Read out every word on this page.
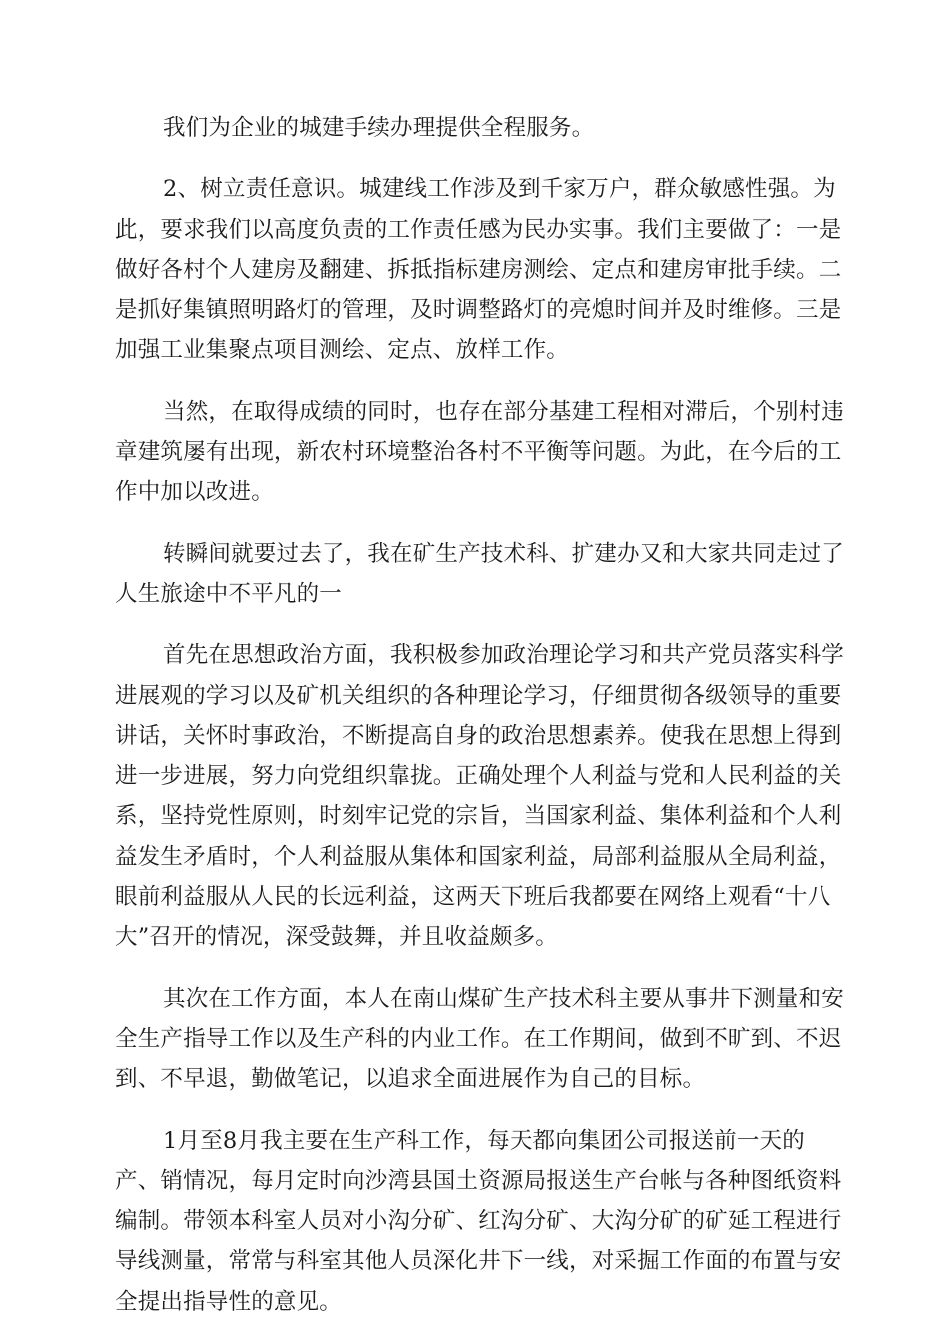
我们为企业的城建手续办理提供全程服务。
2、树立责任意识。城建线工作涉及到千家万户，群众敏感性强。为
此，要求我们以高度负责的工作责任感为民办实事。我们主要做了：一是
做好各村个人建房及翻建、拆抵指标建房测绘、定点和建房审批手续。二
是抓好集镇照明路灯的管理，及时调整路灯的亮熄时间并及时维修。三是
加强工业集聚点项目测绘、定点、放样工作。
当然，在取得成绩的同时，也存在部分基建工程相对滞后，个别村违
章建筑屡有出现，新农村环境整治各村不平衡等问题。为此，在今后的工
作中加以改进。
转瞬间就要过去了，我在矿生产技术科、扩建办又和大家共同走过了
人生旅途中不平凡的一
首先在思想政治方面，我积极参加政治理论学习和共产党员落实科学
进展观的学习以及矿机关组织的各种理论学习，仔细贯彻各级领导的重要
讲话，关怀时事政治，不断提高自身的政治思想素养。使我在思想上得到
进一步进展，努力向党组织靠拢。正确处理个人利益与党和人民利益的关
系，坚持党性原则，时刻牢记党的宗旨，当国家利益、集体利益和个人利
益发生矛盾时，个人利益服从集体和国家利益，局部利益服从全局利益，
眼前利益服从人民的长远利益，这两天下班后我都要在网络上观看“十八
大”召开的情况，深受鼓舞，并且收益颇多。
其次在工作方面，本人在南山煤矿生产技术科主要从事井下测量和安
全生产指导工作以及生产科的内业工作。在工作期间，做到不旷到、不迟
到、不早退，勤做笔记，以追求全面进展作为自己的目标。
1月至8月我主要在生产科工作，每天都向集团公司报送前一天的
产、销情况，每月定时向沙湾县国土资源局报送生产台帐与各种图纸资料
编制。带领本科室人员对小沟分矿、红沟分矿、大沟分矿的矿延工程进行
导线测量，常常与科室其他人员深化井下一线，对采掘工作面的布置与安
全提出指导性的意见。
